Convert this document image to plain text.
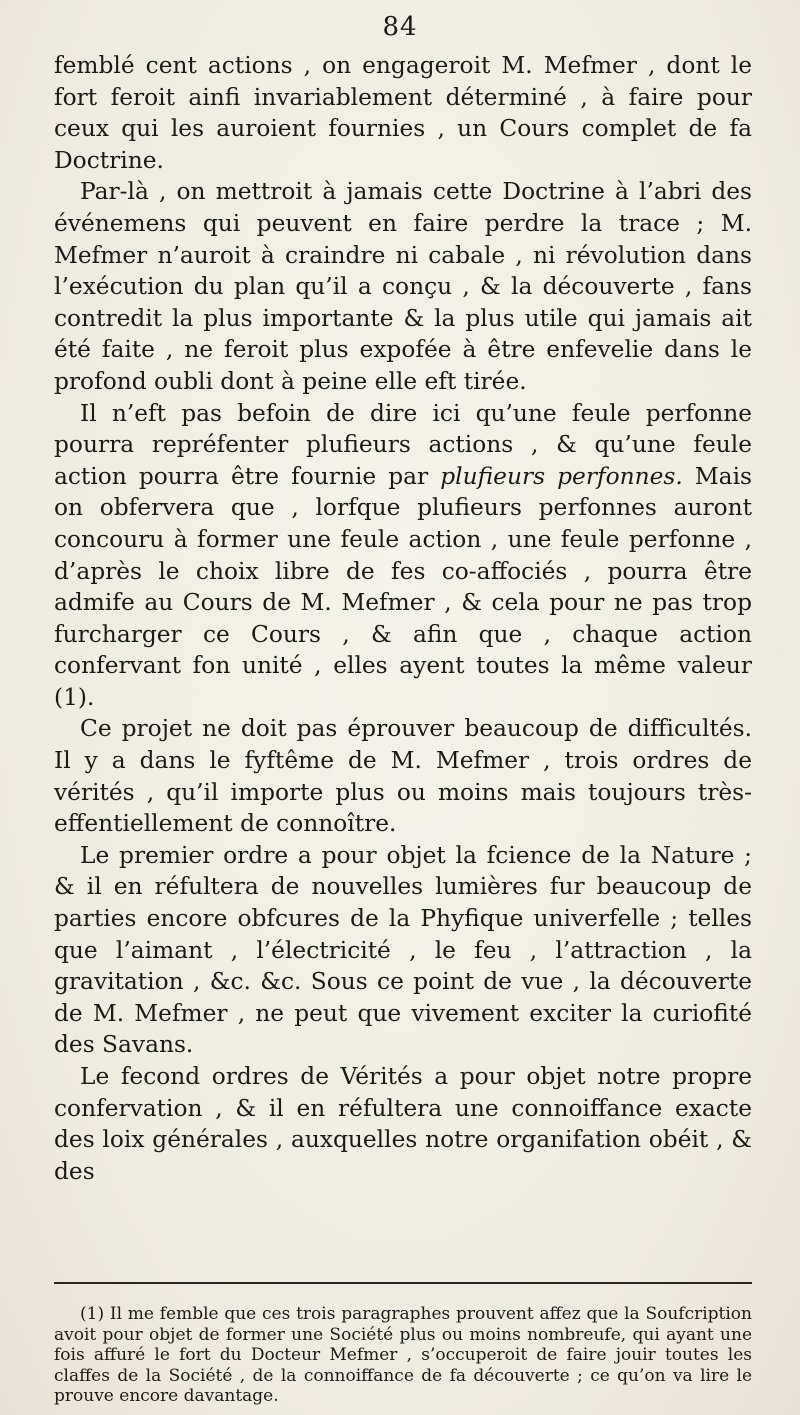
84

femblé cent actions , on engageroit M. Mefmer , dont le fort feroit ainfi invariablement déterminé , à faire pour ceux qui les auroient fournies , un Cours complet de fa Doctrine.

Par-là , on mettroit à jamais cette Doctrine à l’abri des événemens qui peuvent en faire perdre la trace ; M. Mefmer n’auroit à craindre ni cabale , ni révolution dans l’exécution du plan qu’il a conçu , & la découverte , fans contredit la plus importante & la plus utile qui jamais ait été faite , ne feroit plus expofée à être enfevelie dans le profond oubli dont à peine elle eft tirée.

Il n’eft pas befoin de dire ici qu’une feule perfonne pourra repréfenter plufieurs actions , & qu’une feule action pourra être fournie par plufieurs perfonnes. Mais on obfervera que , lorfque plufieurs perfonnes auront concouru à former une feule action , une feule perfonne , d’après le choix libre de fes co-affociés , pourra être admife au Cours de M. Mefmer , & cela pour ne pas trop furcharger ce Cours , & afin que , chaque action confervant fon unité , elles ayent toutes la même valeur (1).

Ce projet ne doit pas éprouver beaucoup de difficultés. Il y a dans le fyftême de M. Mefmer , trois ordres de vérités , qu’il importe plus ou moins mais toujours très-effentiellement de connoître.

Le premier ordre a pour objet la fcience de la Nature ; & il en réfultera de nouvelles lumières fur beaucoup de parties encore obfcures de la Phyfique univerfelle ; telles que l’aimant , l’électricité , le feu , l’attraction , la gravitation , &c. &c. Sous ce point de vue , la découverte de M. Mefmer , ne peut que vivement exciter la curiofité des Savans.

Le fecond ordres de Vérités a pour objet notre propre confervation , & il en réfultera une connoiffance exacte des loix générales , auxquelles notre organifation obéit , & des

(1) Il me femble que ces trois paragraphes prouvent affez que la Soufcription avoit pour objet de former une Société plus ou moins nombreufe, qui ayant une fois affuré le fort du Docteur Mefmer , s’occuperoit de faire jouir toutes les claffes de la Société , de la connoiffance de fa découverte ; ce qu’on va lire le prouve encore davantage.
